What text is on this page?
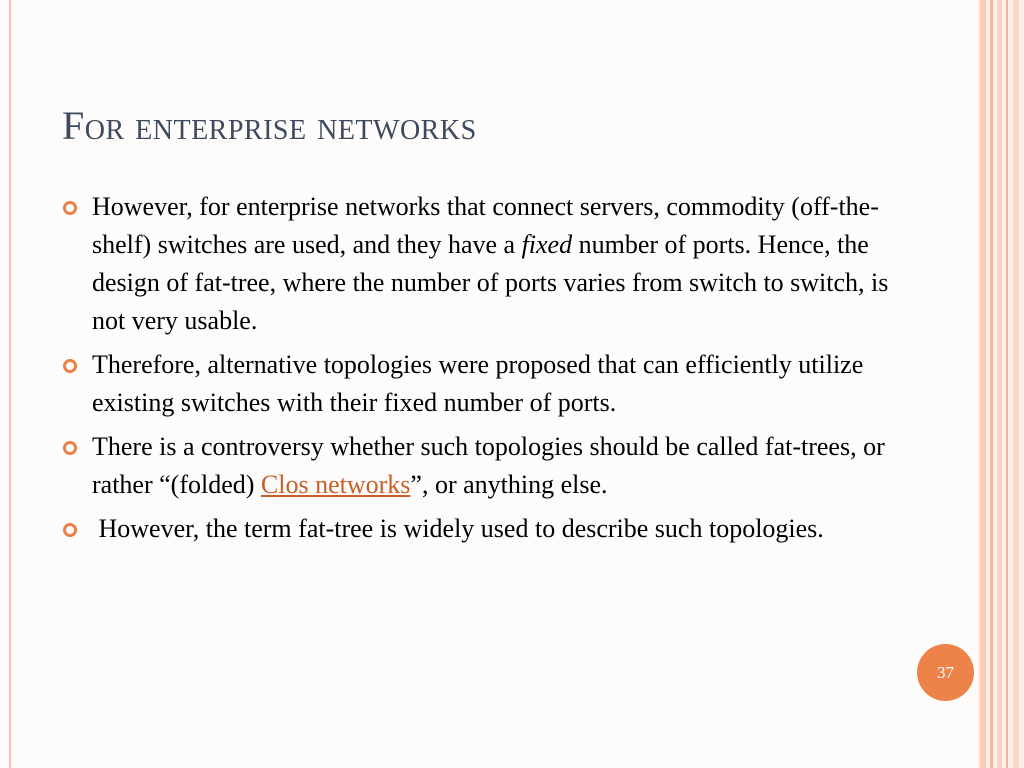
For enterprise networks
However, for enterprise networks that connect servers, commodity (off-the-shelf) switches are used, and they have a fixed number of ports. Hence, the design of fat-tree, where the number of ports varies from switch to switch, is not very usable.
Therefore, alternative topologies were proposed that can efficiently utilize existing switches with their fixed number of ports.
There is a controversy whether such topologies should be called fat-trees, or rather “(folded) Clos networks”, or anything else.
However, the term fat-tree is widely used to describe such topologies.
37
